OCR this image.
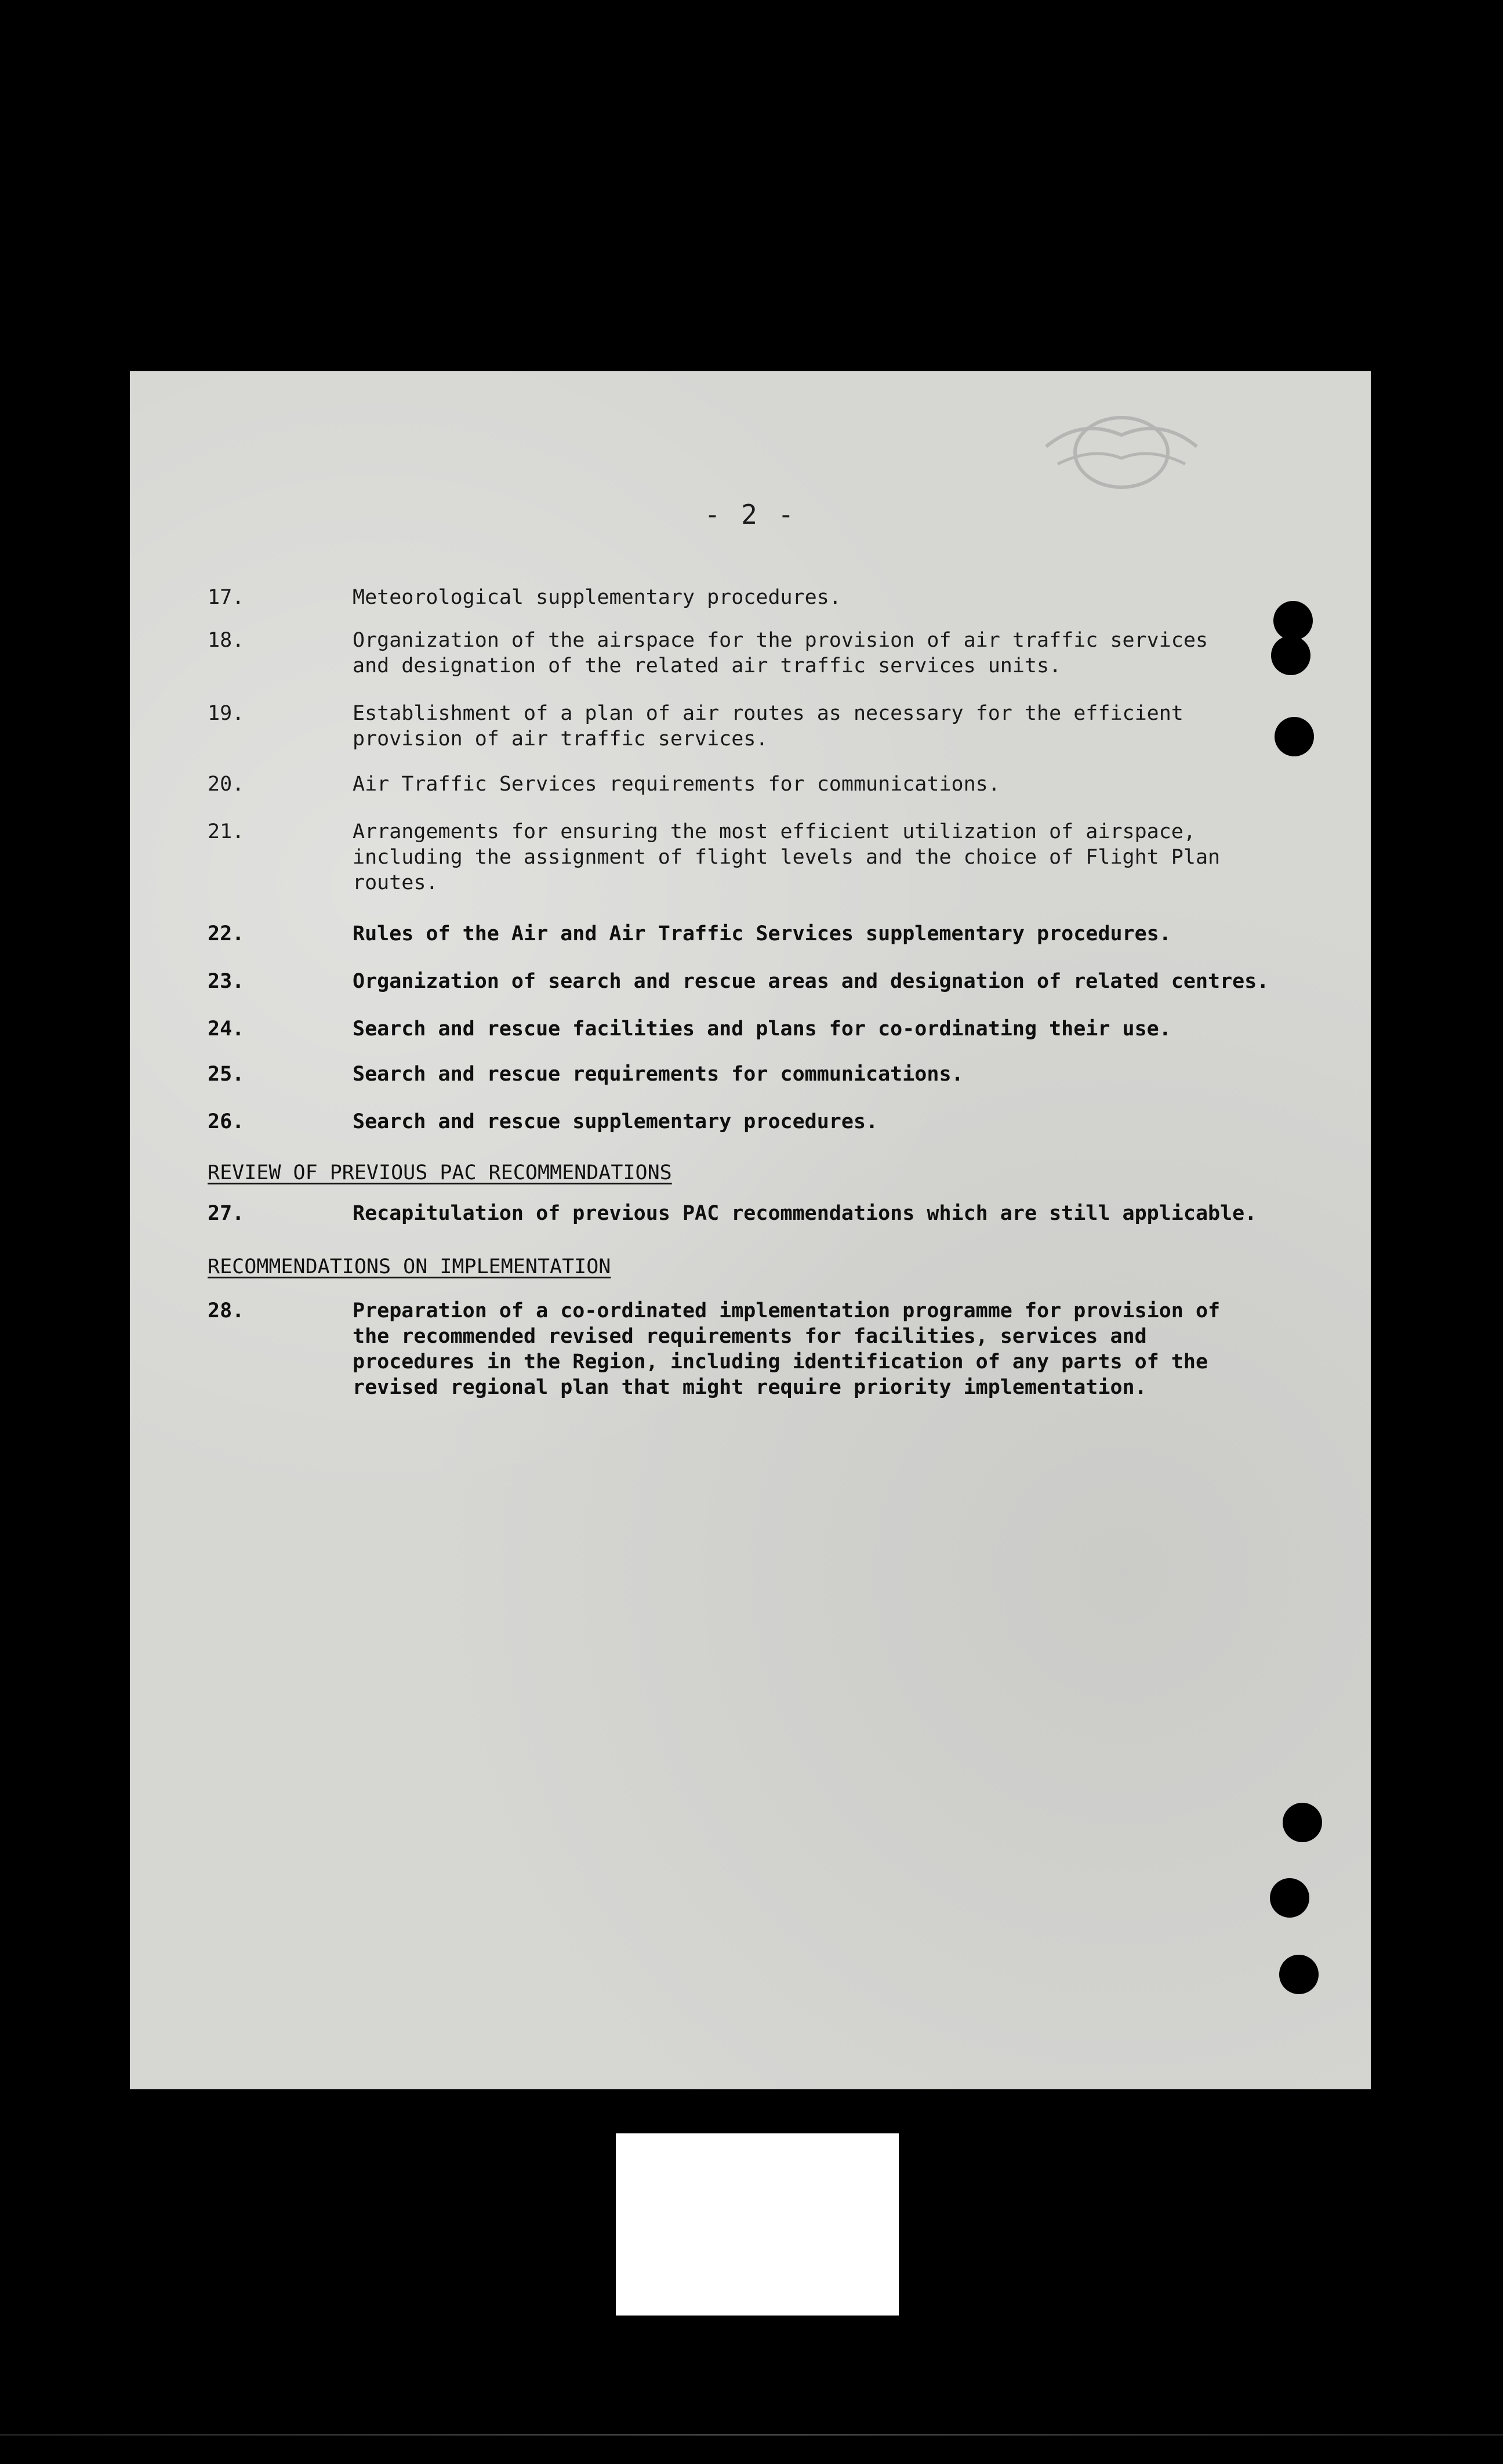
- 2 -
17.	Meteorological supplementary procedures.
18.	Organization of the airspace for the provision of air traffic services
and designation of the related air traffic services units.
19.	Establishment of a plan of air routes as necessary for the efficient
provision of air traffic services.
20.	Air Traffic Services requirements for communications.
21.	Arrangements for ensuring the most efficient utilization of airspace,
including the assignment of flight levels and the choice of Flight Plan
routes.
22.	Rules of the Air and Air Traffic Services supplementary procedures.
23.	Organization of search and rescue areas and designation of related centres.
24.	Search and rescue facilities and plans for co-ordinating their use.
25.	Search and rescue requirements for communications.
26.	Search and rescue supplementary procedures.
REVIEW OF PREVIOUS PAC RECOMMENDATIONS
27.	Recapitulation of previous PAC recommendations which are still applicable.
RECOMMENDATIONS ON IMPLEMENTATION
28.	Preparation of a co-ordinated implementation programme for provision of
the recommended revised requirements for facilities, services and
procedures in the Region, including identification of any parts of the
revised regional plan that might require priority implementation.
